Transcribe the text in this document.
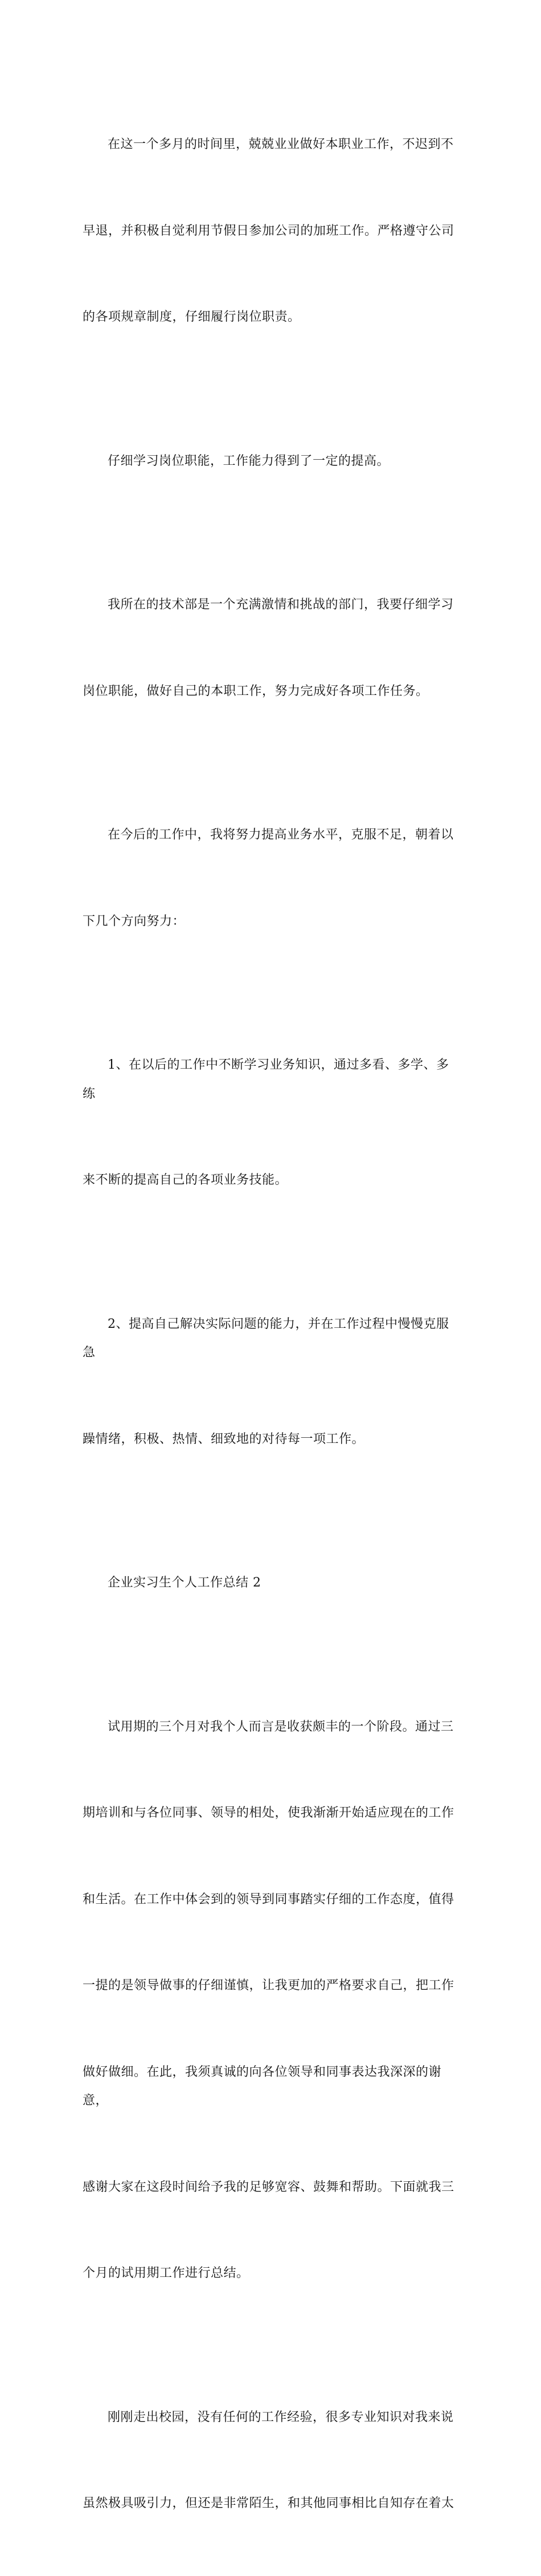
在这一个多月的时间里，兢兢业业做好本职业工作，不迟到不

早退，并积极自觉利用节假日参加公司的加班工作。严格遵守公司

的各项规章制度，仔细履行岗位职责。

仔细学习岗位职能，工作能力得到了一定的提高。

我所在的技术部是一个充满激情和挑战的部门，我要仔细学习

岗位职能，做好自己的本职工作，努力完成好各项工作任务。

在今后的工作中，我将努力提高业务水平，克服不足，朝着以

下几个方向努力：

1、在以后的工作中不断学习业务知识，通过多看、多学、多练

来不断的提高自己的各项业务技能。

2、提高自己解决实际问题的能力，并在工作过程中慢慢克服急

躁情绪，积极、热情、细致地的对待每一项工作。

企业实习生个人工作总结 2

试用期的三个月对我个人而言是收获颇丰的一个阶段。通过三

期培训和与各位同事、领导的相处，使我渐渐开始适应现在的工作

和生活。在工作中体会到的领导到同事踏实仔细的工作态度，值得

一提的是领导做事的仔细谨慎，让我更加的严格要求自己，把工作

做好做细。在此，我须真诚的向各位领导和同事表达我深深的谢意，

感谢大家在这段时间给予我的足够宽容、鼓舞和帮助。下面就我三

个月的试用期工作进行总结。

刚刚走出校园，没有任何的工作经验，很多专业知识对我来说

虽然极具吸引力，但还是非常陌生，和其他同事相比自知存在着太
